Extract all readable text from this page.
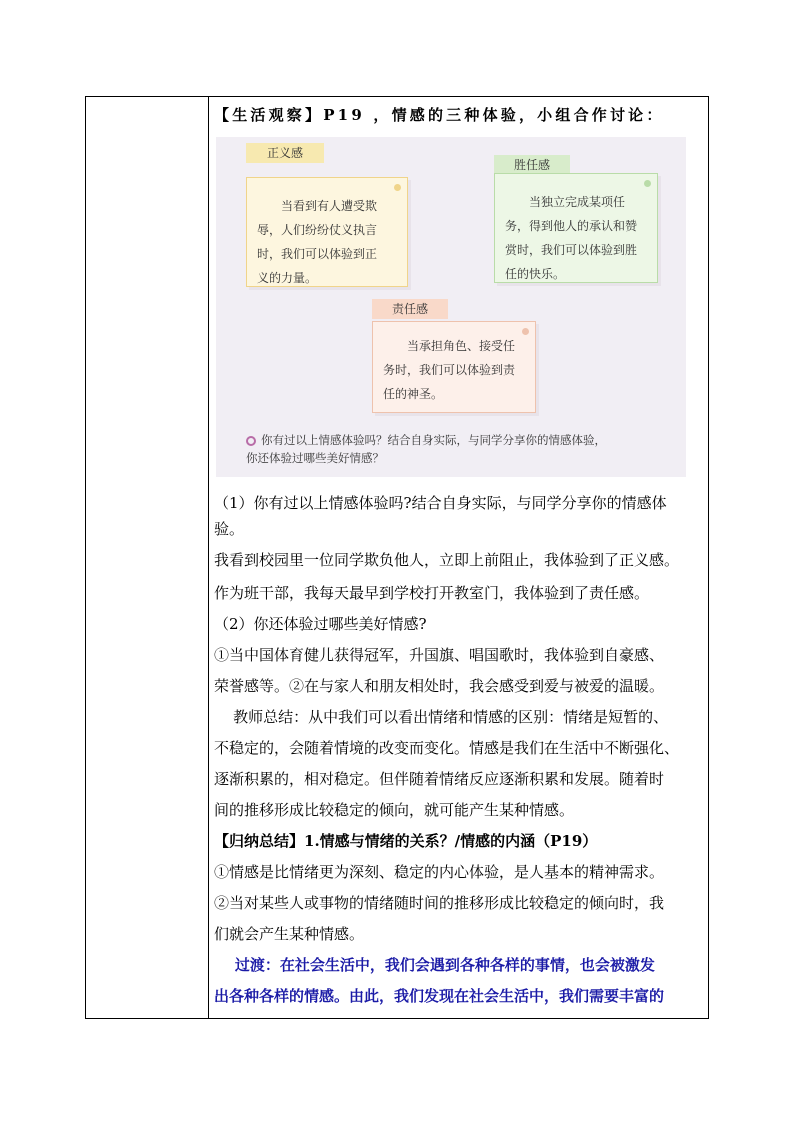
【生活观察】P19 ，情感的三种体验，小组合作讨论：
正义感
当看到有人遭受欺
辱，人们纷纷仗义执言
时，我们可以体验到正
义的力量。
胜任感
当独立完成某项任
务，得到他人的承认和赞
赏时，我们可以体验到胜
任的快乐。
责任感
当承担角色、接受任
务时，我们可以体验到责
任的神圣。
你有过以上情感体验吗？结合自身实际，与同学分享你的情感体验，
你还体验过哪些美好情感？
（1）你有过以上情感体验吗?结合自身实际，与同学分享你的情感体
验。
我看到校园里一位同学欺负他人，立即上前阻止，我体验到了正义感。
作为班干部，我每天最早到学校打开教室门，我体验到了责任感。
（2）你还体验过哪些美好情感?
①当中国体育健儿获得冠军，升国旗、唱国歌时，我体验到自豪感、
荣誉感等。②在与家人和朋友相处时，我会感受到爱与被爱的温暖。
教师总结：从中我们可以看出情绪和情感的区别：情绪是短暂的、
不稳定的，会随着情境的改变而变化。情感是我们在生活中不断强化、
逐渐积累的，相对稳定。但伴随着情绪反应逐渐积累和发展。随着时
间的推移形成比较稳定的倾向，就可能产生某种情感。
【归纳总结】1.情感与情绪的关系？/情感的内涵（P19）
①情感是比情绪更为深刻、稳定的内心体验，是人基本的精神需求。
②当对某些人或事物的情绪随时间的推移形成比较稳定的倾向时，我
们就会产生某种情感。
过渡：在社会生活中，我们会遇到各种各样的事情，也会被激发
出各种各样的情感。由此，我们发现在社会生活中，我们需要丰富的
